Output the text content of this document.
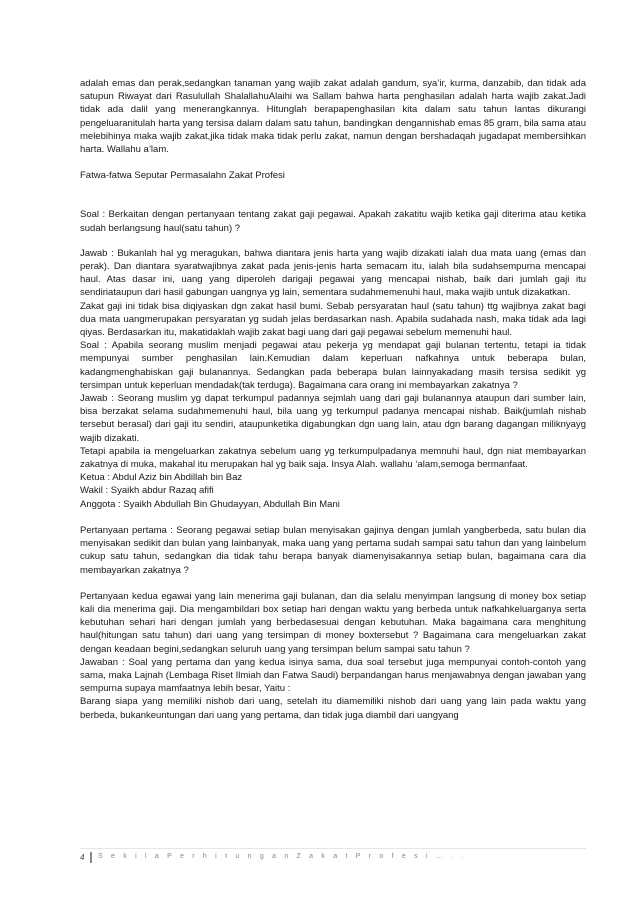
adalah emas dan perak,sedangkan tanaman yang wajib zakat adalah gandum, sya’ir, kurma, danzabib, dan tidak ada satupun Riwayat dari Rasulullah ShalallahuAlaihi wa Sallam bahwa harta penghasilan adalah harta wajib zakat.Jadi tidak ada dalil yang menerangkannya. Hitunglah berapapenghasilan kita dalam satu tahun lantas dikurangi pengeluaranitulah harta yang tersisa dalam dalam satu tahun, bandingkan dengannishab emas 85 gram, bila sama atau melebihinya maka wajib zakat,jika tidak maka tidak perlu zakat, namun dengan bershadaqah jugadapat membersihkan harta. Wallahu a’lam.

Fatwa-fatwa Seputar Permasalahn Zakat Profesi

Soal : Berkaitan dengan pertanyaan tentang zakat gaji pegawai. Apakah zakatitu wajib ketika gaji diterima atau ketika sudah berlangsung haul(satu tahun) ?

Jawab : Bukanlah hal yg meragukan, bahwa diantara jenis harta yang wajib dizakati ialah dua mata uang (emas dan perak). Dan diantara syaratwajibnya zakat pada jenis-jenis harta semacam itu, ialah bila sudahsempurna mencapai haul. Atas dasar ini, uang yang diperoleh darigaji pegawai yang mencapai nishab, baik dari jumlah gaji itu sendiriataupun dari hasil gabungan uangnya yg lain, sementara sudahmemenuhi haul, maka wajib untuk dizakatkan.

Zakat gaji ini tidak bisa diqiyaskan dgn zakat hasil bumi. Sebab persyaratan haul (satu tahun) ttg wajibnya zakat bagi dua mata uangmerupakan persyaratan yg sudah jelas berdasarkan nash. Apabila sudahada nash, maka tidak ada lagi qiyas. Berdasarkan itu, makatidaklah wajib zakat bagi uang dari gaji pegawai sebelum memenuhi haul.

Soal : Apabila seorang muslim menjadi pegawai atau pekerja yg mendapat gaji bulanan tertentu, tetapi ia tidak mempunyai sumber penghasilan lain.Kemudian dalam keperluan nafkahnya untuk beberapa bulan, kadangmenghabiskan gaji bulanannya. Sedangkan pada beberapa bulan lainnyakadang masih tersisa sedikit yg tersimpan untuk keperluan mendadak(tak terduga). Bagaimana cara orang ini membayarkan zakatnya ?

Jawab : Seorang muslim yg dapat terkumpul padannya sejmlah uang dari gaji bulanannya ataupun dari sumber lain, bisa berzakat selama sudahmemenuhi haul, bila uang yg terkumpul padanya mencapai nishab. Baik(jumlah nishab tersebut berasal) dari gaji itu sendiri, ataupunketika digabungkan dgn uang lain, atau dgn barang dagangan miliknyayg wajib dizakati.

Tetapi apabila ia mengeluarkan zakatnya sebelum uang yg terkumpulpadanya memnuhi haul, dgn niat membayarkan zakatnya di muka, makahal itu merupakan hal yg baik saja. Insya Alah. wallahu ‘alam,semoga bermanfaat.

Ketua : Abdul Aziz bin Abdillah bin Baz

Wakil : Syaikh abdur Razaq afifi

Anggota : Syaikh Abdullah Bin Ghudayyan, Abdullah Bin Mani

Pertanyaan pertama : Seorang pegawai setiap bulan menyisakan gajinya dengan jumlah yangberbeda, satu bulan dia menyisakan sedikit dan bulan yang lainbanyak, maka uang yang pertama sudah sampai satu tahun dan yang lainbelum cukup satu tahun, sedangkan dia tidak tahu berapa banyak diamenyisakannya setiap bulan, bagaimana cara dia membayarkan zakatnya ?

Pertanyaan kedua egawai yang lain menerima gaji bulanan, dan dia selalu menyimpan langsung di money box setiap kali dia menerima gaji. Dia mengambildari box setiap hari dengan waktu yang berbeda untuk nafkahkeluarganya serta kebutuhan sehari hari dengan jumlah yang berbedasesuai dengan kebutuhan. Maka bagaimana cara menghitung haul(hitungan satu tahun) dari uang yang tersimpan di money boxtersebut ? Bagaimana cara mengeluarkan zakat dengan keadaan begini,sedangkan seluruh uang yang tersimpan belum sampai satu tahun ?

Jawaban : Soal yang pertama dan yang kedua isinya sama, dua soal tersebut juga mempunyai contoh-contoh yang sama, maka Lajnah (Lembaga Riset Ilmiah dan Fatwa Saudi) berpandangan harus menjawabnya dengan jawaban yang sempurna supaya mamfaatnya lebih besar, Yaitu :

Barang siapa yang memiliki nishob dari uang, setelah itu diamemiliki nishob dari uang yang lain pada waktu yang berbeda, bukankeuntungan dari uang yang pertama, dan tidak juga diambil dari uangyang

4 S e k i l a P e r h i t u n g a n Z a k a t P r o f e s i … . .
